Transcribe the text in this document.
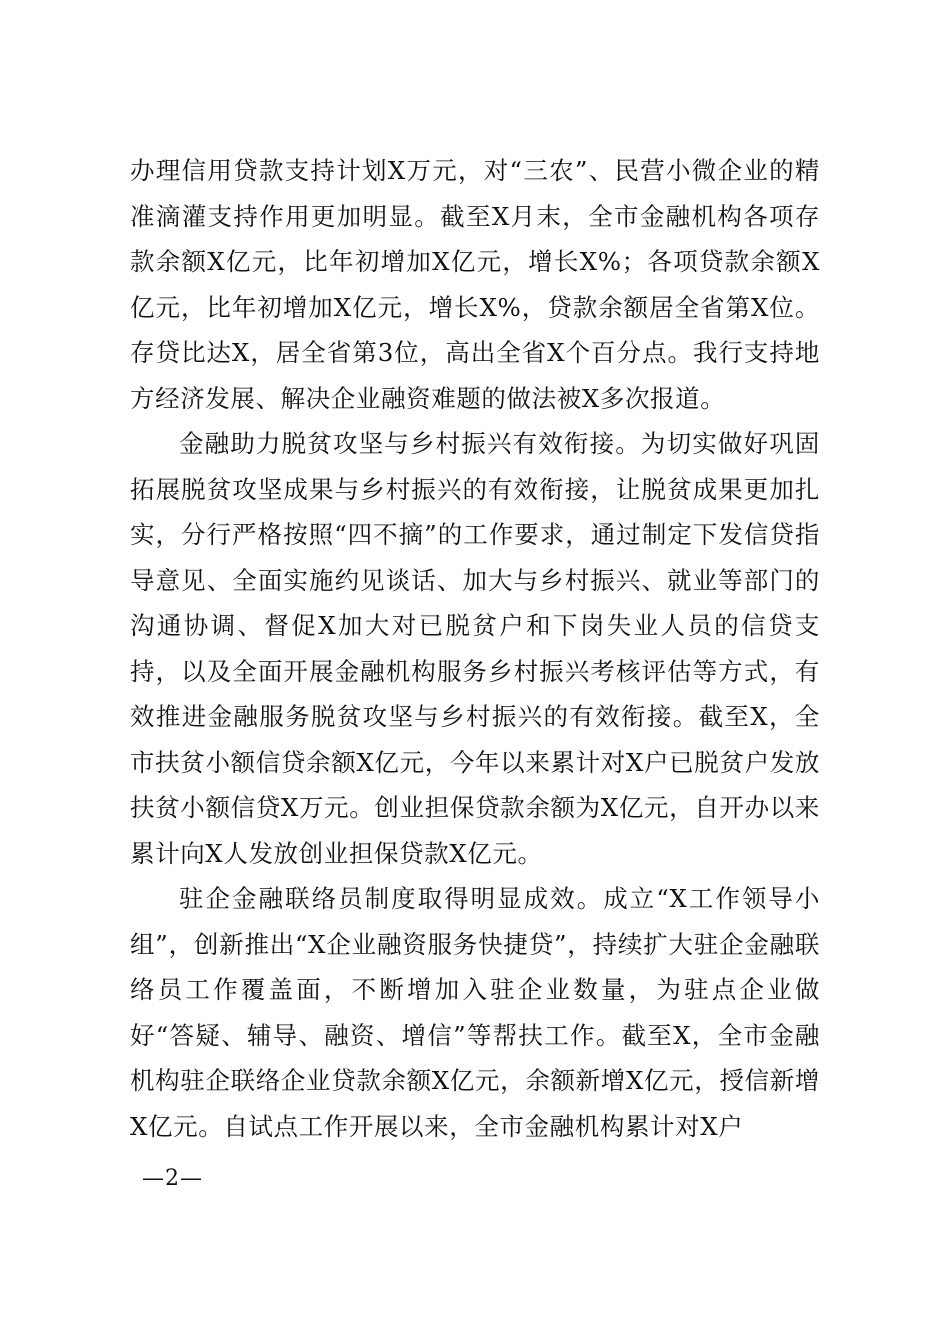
办理信用贷款支持计划X万元，对“三农”、民营小微企业的精准滴灌支持作用更加明显。截至X月末，全市金融机构各项存款余额X亿元，比年初增加X亿元，增长X%；各项贷款余额X亿元，比年初增加X亿元，增长X%，贷款余额居全省第X位。存贷比达X，居全省第3位，高出全省X个百分点。我行支持地方经济发展、解决企业融资难题的做法被X多次报道。

金融助力脱贫攻坚与乡村振兴有效衔接。为切实做好巩固拓展脱贫攻坚成果与乡村振兴的有效衔接，让脱贫成果更加扎实，分行严格按照“四不摘”的工作要求，通过制定下发信贷指导意见、全面实施约见谈话、加大与乡村振兴、就业等部门的沟通协调、督促X加大对已脱贫户和下岗失业人员的信贷支持，以及全面开展金融机构服务乡村振兴考核评估等方式，有效推进金融服务脱贫攻坚与乡村振兴的有效衔接。截至X，全市扶贫小额信贷余额X亿元，今年以来累计对X户已脱贫户发放扶贫小额信贷X万元。创业担保贷款余额为X亿元，自开办以来累计向X人发放创业担保贷款X亿元。

驻企金融联络员制度取得明显成效。成立“X工作领导小组”，创新推出“X企业融资服务快捷贷”，持续扩大驻企金融联络员工作覆盖面，不断增加入驻企业数量，为驻点企业做好“答疑、辅导、融资、增信”等帮扶工作。截至X，全市金融机构驻企联络企业贷款余额X亿元，余额新增X亿元，授信新增X亿元。自试点工作开展以来，全市金融机构累计对X户

—2—
